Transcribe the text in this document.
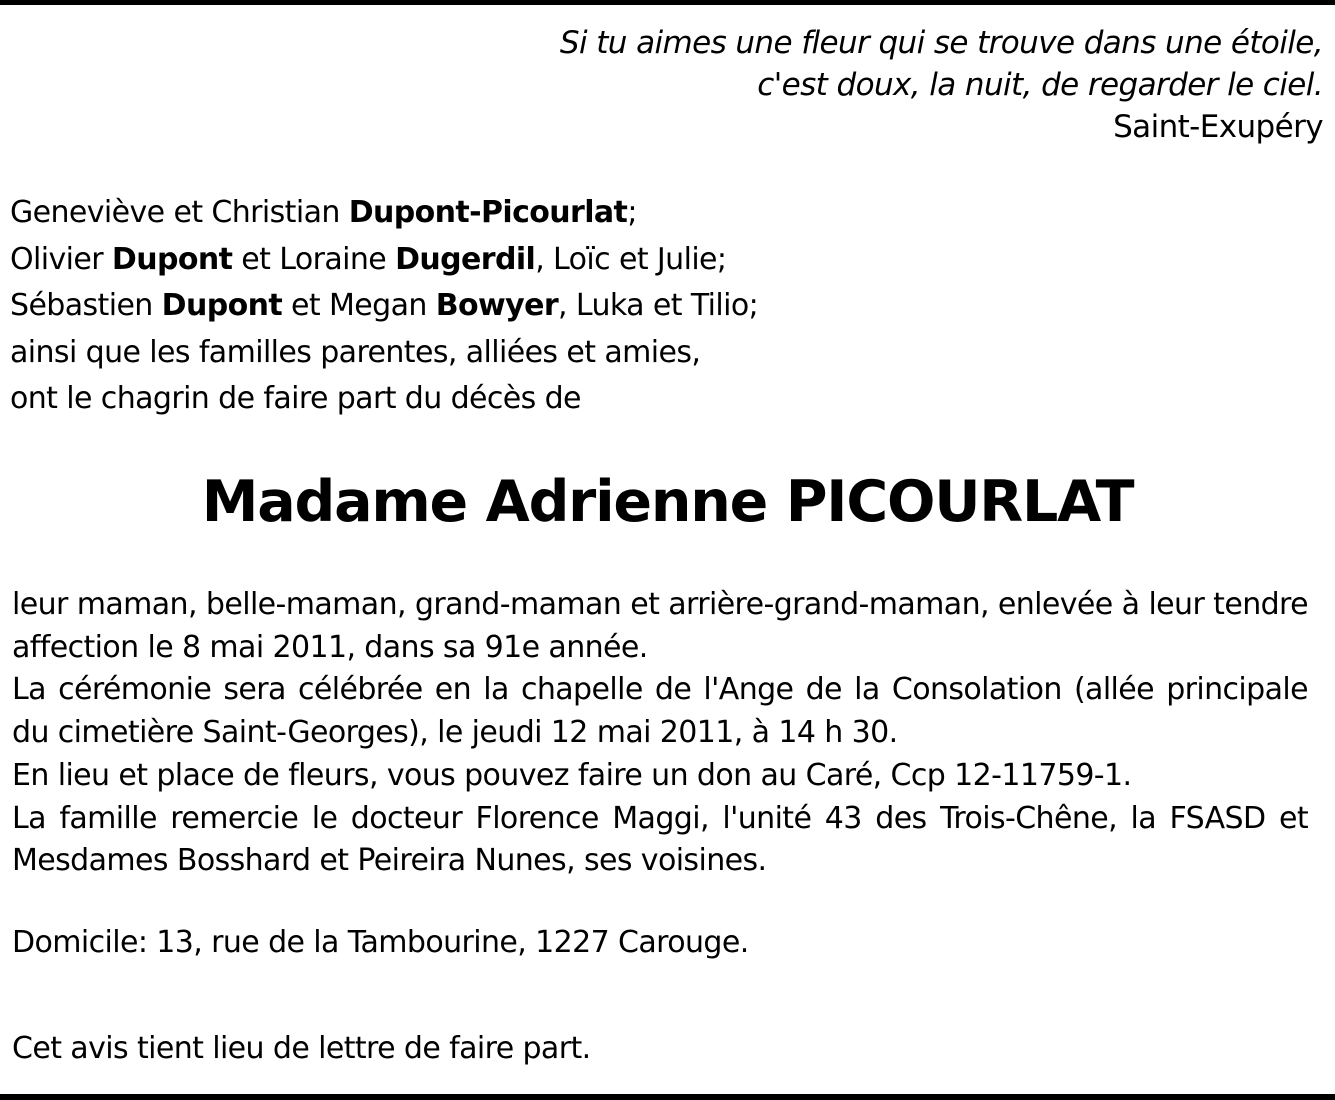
Si tu aimes une fleur qui se trouve dans une étoile,
c'est doux, la nuit, de regarder le ciel.
Saint-Exupéry
Geneviève et Christian Dupont-Picourlat;
Olivier Dupont et Loraine Dugerdil, Loïc et Julie;
Sébastien Dupont et Megan Bowyer, Luka et Tilio;
ainsi que les familles parentes, alliées et amies,
ont le chagrin de faire part du décès de
Madame Adrienne PICOURLAT

leur maman, belle-maman, grand-maman et arrière-grand-maman, enlevée à leur tendre affection le 8 mai 2011, dans sa 91e année.

La cérémonie sera célébrée en la chapelle de l'Ange de la Consolation (allée principale du cimetière Saint-Georges), le jeudi 12 mai 2011, à 14 h 30.

En lieu et place de fleurs, vous pouvez faire un don au Caré, Ccp 12-11759-1.

La famille remercie le docteur Florence Maggi, l'unité 43 des Trois-Chêne, la FSASD et Mesdames Bosshard et Peireira Nunes, ses voisines.

Domicile: 13, rue de la Tambourine, 1227 Carouge.
Cet avis tient lieu de lettre de faire part.
